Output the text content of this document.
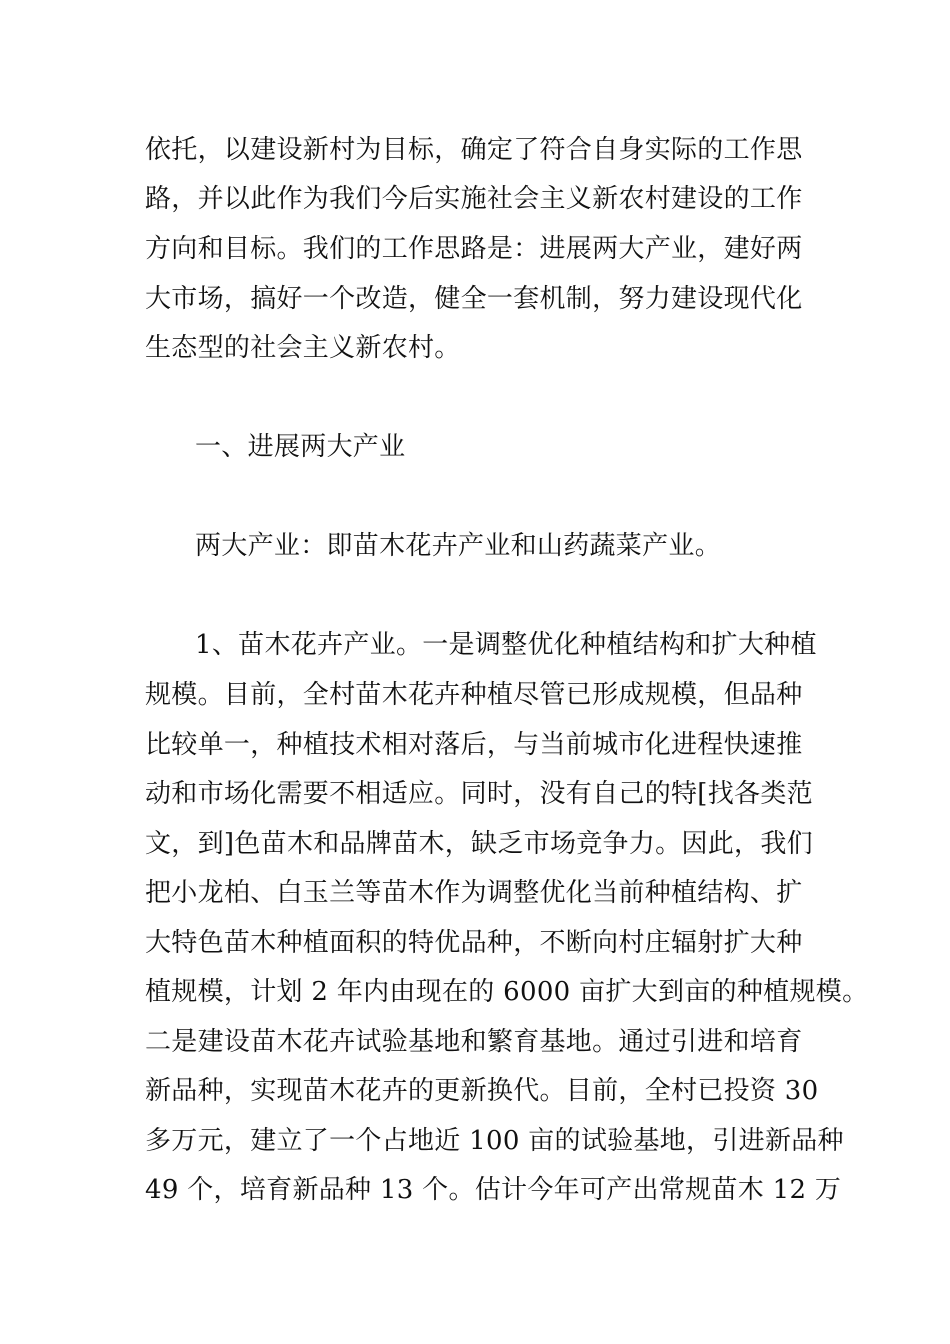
依托，以建设新村为目标，确定了符合自身实际的工作思
路，并以此作为我们今后实施社会主义新农村建设的工作
方向和目标。我们的工作思路是：进展两大产业，建好两
大市场，搞好一个改造，健全一套机制，努力建设现代化
生态型的社会主义新农村。
一、进展两大产业
两大产业：即苗木花卉产业和山药蔬菜产业。
1、苗木花卉产业。一是调整优化种植结构和扩大种植
规模。目前，全村苗木花卉种植尽管已形成规模，但品种
比较单一，种植技术相对落后，与当前城市化进程快速推
动和市场化需要不相适应。同时，没有自己的特[找各类范
文，到]色苗木和品牌苗木，缺乏市场竞争力。因此，我们
把小龙柏、白玉兰等苗木作为调整优化当前种植结构、扩
大特色苗木种植面积的特优品种，不断向村庄辐射扩大种
植规模，计划 2 年内由现在的 6000 亩扩大到亩的种植规模。
二是建设苗木花卉试验基地和繁育基地。通过引进和培育
新品种，实现苗木花卉的更新换代。目前，全村已投资 30
多万元，建立了一个占地近 100 亩的试验基地，引进新品种
49 个，培育新品种 13 个。估计今年可产出常规苗木 12 万
